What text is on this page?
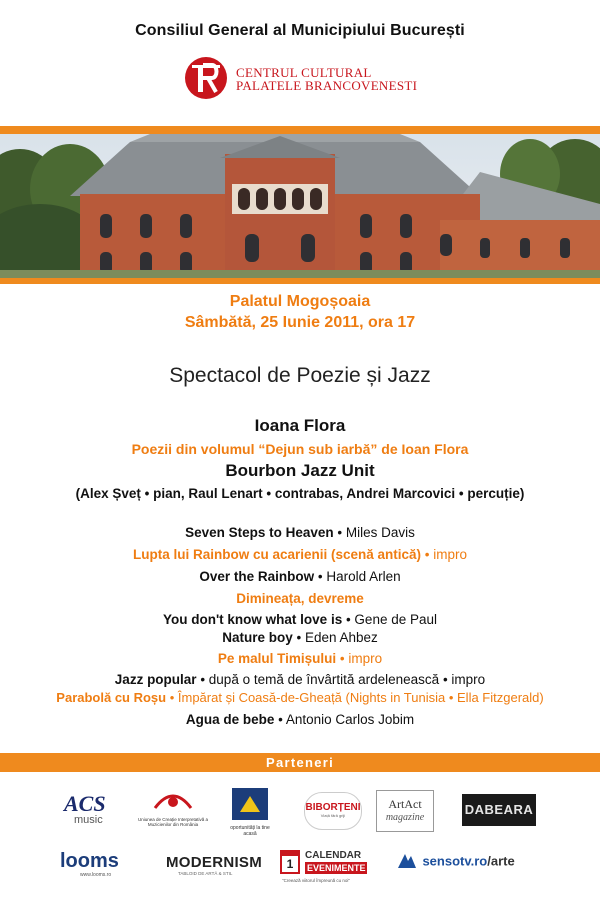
Consiliul General al Municipiului București
CENTRUL CULTURAL
PALATELE BRANCOVENESTI
Palatul Mogoșoaia
Sâmbătă, 25 Iunie 2011, ora 17
Spectacol de Poezie și Jazz
Ioana Flora
Poezii din volumul “Dejun sub iarbă” de Ioan Flora
Bourbon Jazz Unit
(Alex Șveț • pian, Raul Lenart • contrabas, Andrei Marcovici • percuție)
Seven Steps to Heaven • Miles Davis
Lupta lui Rainbow cu acarienii (scenă antică) • impro
Over the Rainbow • Harold Arlen
Dimineața, devreme
You don't know what love is • Gene de Paul
Nature boy • Eden Ahbez
Pe malul Timișului • impro
Jazz popular • după o temă de învârtită ardelenească • impro
Parabolă cu Roșu • Împărat și Coasă-de-Gheață (Nights in Tunisia • Ella Fitzgerald)
Agua de bebe • Antonio Carlos Jobim
Parteneri
ACS
music	Uniunea de Creație Interpretativă a Muzicienilor din România
oportunități la tine acasă
BIBORȚENI
Viață fără griji
ArtAct
magazine
DABEARA
looms
www.looms.ro
MODERNISM
TABLOID DE ARTĂ & STIL
1
CALENDAR
EVENIMENTE
"Creează viitorul împreună cu noi"
sensotv.ro/arte
